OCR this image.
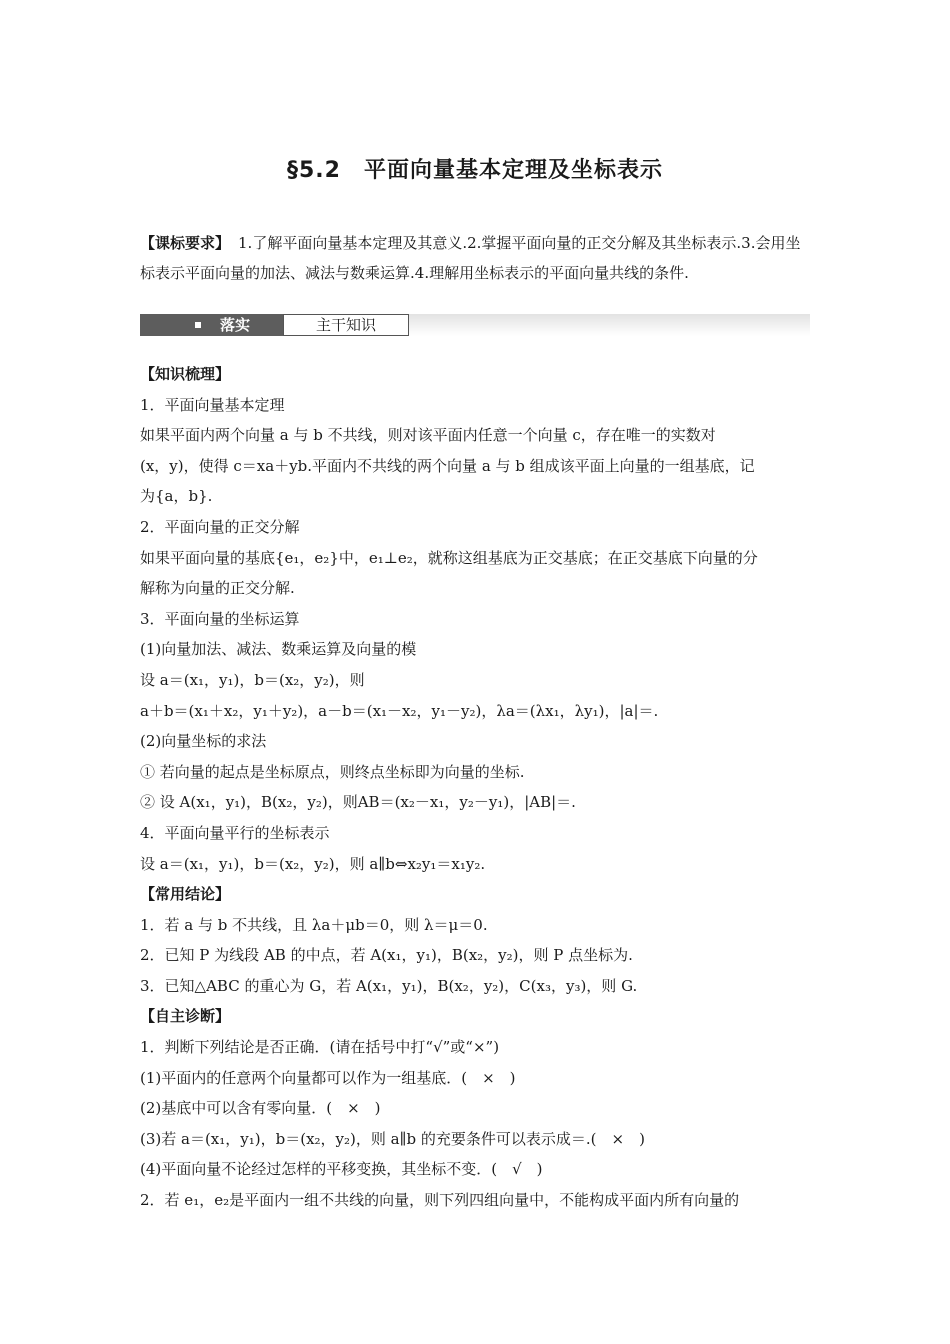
§5.2　平面向量基本定理及坐标表示
【课标要求】 1.了解平面向量基本定理及其意义.2.掌握平面向量的正交分解及其坐标表示.3.会用坐标表示平面向量的加法、减法与数乘运算.4.理解用坐标表示的平面向量共线的条件.
落实	主干知识
【知识梳理】
1．平面向量基本定理
如果平面内两个向量 a 与 b 不共线，则对该平面内任意一个向量 c，存在唯一的实数对
(x，y)，使得 c＝xa＋yb.平面内不共线的两个向量 a 与 b 组成该平面上向量的一组基底，记
为{a，b}.
2．平面向量的正交分解
如果平面向量的基底{e₁，e₂}中，e₁⊥e₂，就称这组基底为正交基底；在正交基底下向量的分
解称为向量的正交分解.
3．平面向量的坐标运算
(1)向量加法、减法、数乘运算及向量的模
设 a＝(x₁，y₁)，b＝(x₂，y₂)，则
a＋b＝(x₁＋x₂，y₁＋y₂)，a－b＝(x₁－x₂，y₁－y₂)，λa＝(λx₁，λy₁)，|a|＝.
(2)向量坐标的求法
① 若向量的起点是坐标原点，则终点坐标即为向量的坐标.
② 设 A(x₁，y₁)，B(x₂，y₂)，则AB＝(x₂－x₁，y₂－y₁)，|AB|＝.
4．平面向量平行的坐标表示
设 a＝(x₁，y₁)，b＝(x₂，y₂)，则 a∥b⇔x₂y₁＝x₁y₂.
【常用结论】
1．若 a 与 b 不共线，且 λa＋μb＝0，则 λ＝μ＝0.
2．已知 P 为线段 AB 的中点，若 A(x₁，y₁)，B(x₂，y₂)，则 P 点坐标为.
3．已知△ABC 的重心为 G，若 A(x₁，y₁)，B(x₂，y₂)，C(x₃，y₃)，则 G.
【自主诊断】
1．判断下列结论是否正确．(请在括号中打“√”或“×”)
(1)平面内的任意两个向量都可以作为一组基底．(　×　)
(2)基底中可以含有零向量．(　×　)
(3)若 a＝(x₁，y₁)，b＝(x₂，y₂)，则 a∥b 的充要条件可以表示成＝.(　×　)
(4)平面向量不论经过怎样的平移变换，其坐标不变．(　√　)
2．若 e₁，e₂是平面内一组不共线的向量，则下列四组向量中，不能构成平面内所有向量的
